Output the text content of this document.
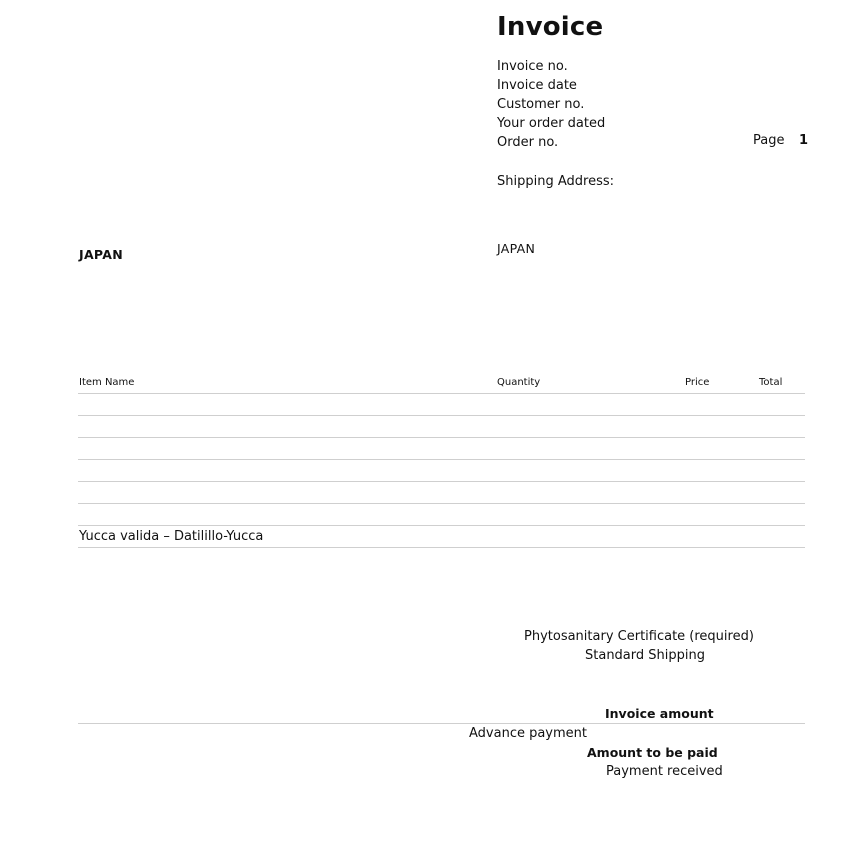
Invoice
Invoice no.
Invoice date
Customer no.
Your order dated
Order no.	Page 1
Shipping Address:
JAPAN
JAPAN
Item Name	Quantity	Price	Total
Yucca valida – Datilillo-Yucca
Phytosanitary Certificate (required)
Standard Shipping
Invoice amount
Advance payment
Amount to be paid
Payment received
